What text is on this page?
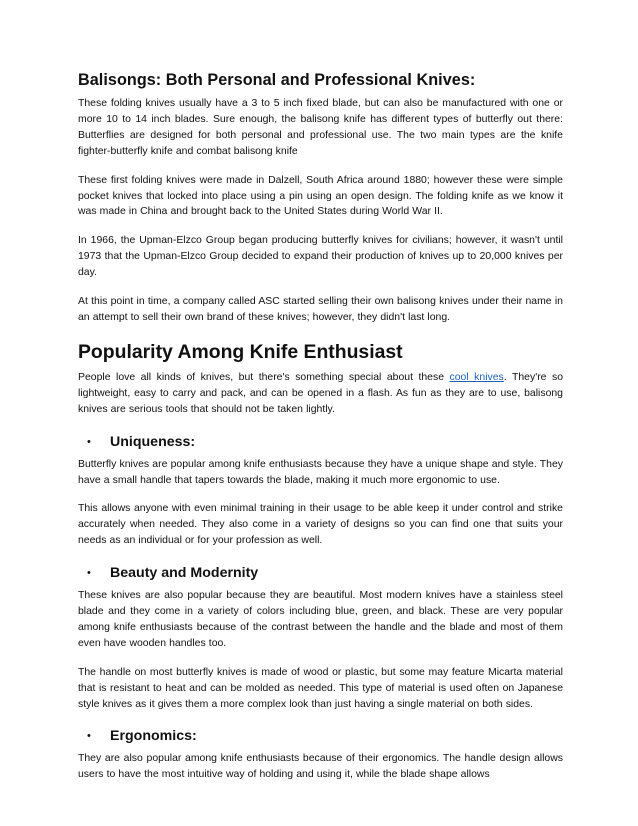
Balisongs: Both Personal and Professional Knives:

These folding knives usually have a 3 to 5 inch fixed blade, but can also be manufactured with one or more 10 to 14 inch blades. Sure enough, the balisong knife has different types of butterfly out there: Butterflies are designed for both personal and professional use. The two main types are the knife fighter-butterfly knife and combat balisong knife

These first folding knives were made in Dalzell, South Africa around 1880; however these were simple pocket knives that locked into place using a pin using an open design. The folding knife as we know it was made in China and brought back to the United States during World War II.

In 1966, the Upman-Elzco Group began producing butterfly knives for civilians; however, it wasn't until 1973 that the Upman-Elzco Group decided to expand their production of knives up to 20,000 knives per day.

At this point in time, a company called ASC started selling their own balisong knives under their name in an attempt to sell their own brand of these knives; however, they didn't last long.

Popularity Among Knife Enthusiast

People love all kinds of knives, but there's something special about these cool knives. They're so lightweight, easy to carry and pack, and can be opened in a flash. As fun as they are to use, balisong knives are serious tools that should not be taken lightly.

•	Uniqueness:

Butterfly knives are popular among knife enthusiasts because they have a unique shape and style. They have a small handle that tapers towards the blade, making it much more ergonomic to use.

This allows anyone with even minimal training in their usage to be able keep it under control and strike accurately when needed. They also come in a variety of designs so you can find one that suits your needs as an individual or for your profession as well.

•	Beauty and Modernity

These knives are also popular because they are beautiful. Most modern knives have a stainless steel blade and they come in a variety of colors including blue, green, and black. These are very popular among knife enthusiasts because of the contrast between the handle and the blade and most of them even have wooden handles too.

The handle on most butterfly knives is made of wood or plastic, but some may feature Micarta material that is resistant to heat and can be molded as needed. This type of material is used often on Japanese style knives as it gives them a more complex look than just having a single material on both sides.

•	Ergonomics:

They are also popular among knife enthusiasts because of their ergonomics. The handle design allows users to have the most intuitive way of holding and using it, while the blade shape allows
